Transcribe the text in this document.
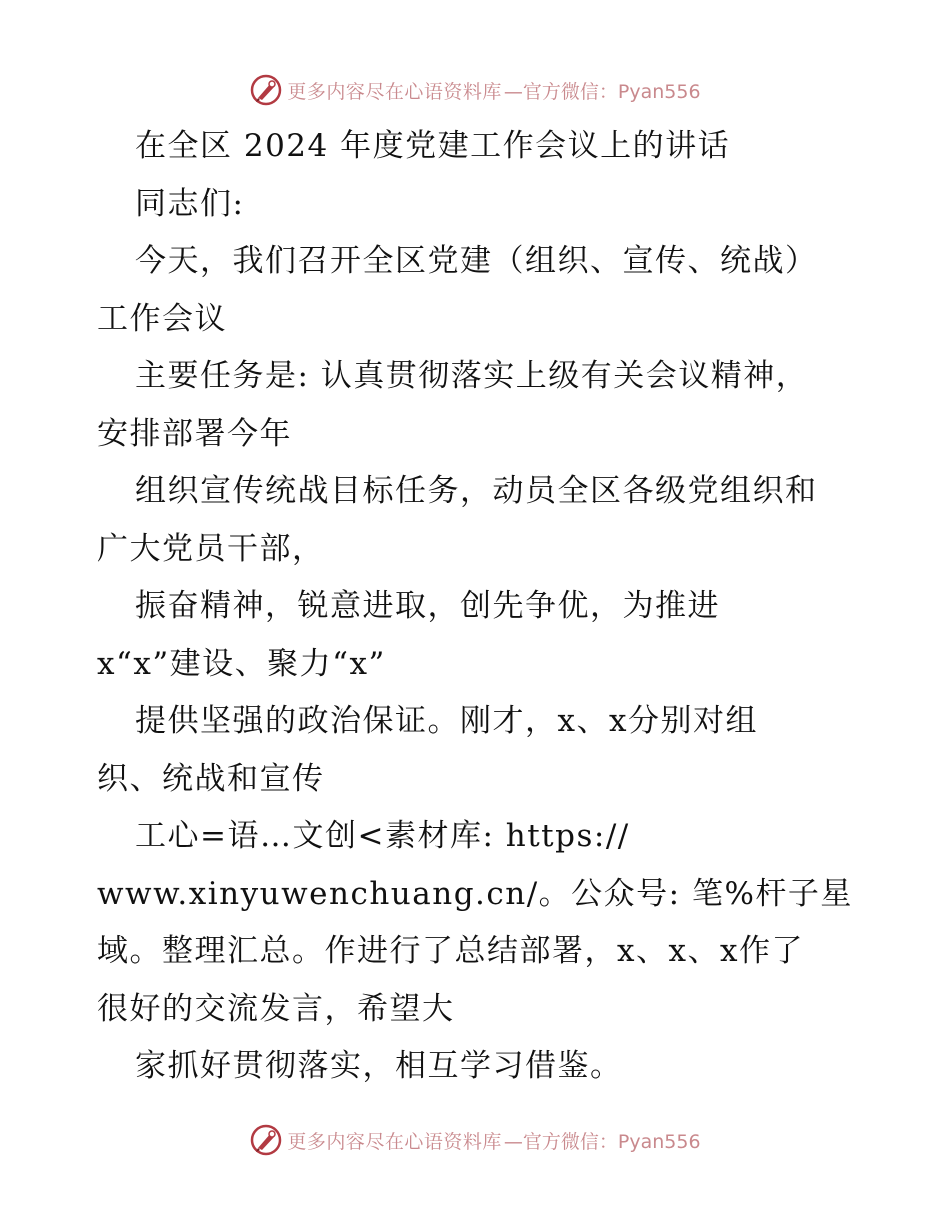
更多内容尽在心语资料库 —官方微信：Pyan556
在全区 2024 年度党建工作会议上的讲话
同志们:
今天，我们召开全区党建（组织、宣传、统战）
工作会议
主要任务是: 认真贯彻落实上级有关会议精神，
安排部署今年
组织宣传统战目标任务，动员全区各级党组织和
广大党员干部，
振奋精神，锐意进取，创先争优，为推进
x“x”建设、聚力“x”
提供坚强的政治保证。刚才，x、x分别对组
织、统战和宣传
工心=语…文创<素材库: https://
www.xinyuwenchuang.cn/。公众号: 笔%杆子星
域。整理汇总。作进行了总结部署，x、x、x作了
很好的交流发言，希望大
家抓好贯彻落实，相互学习借鉴。
更多内容尽在心语资料库 —官方微信：Pyan556
